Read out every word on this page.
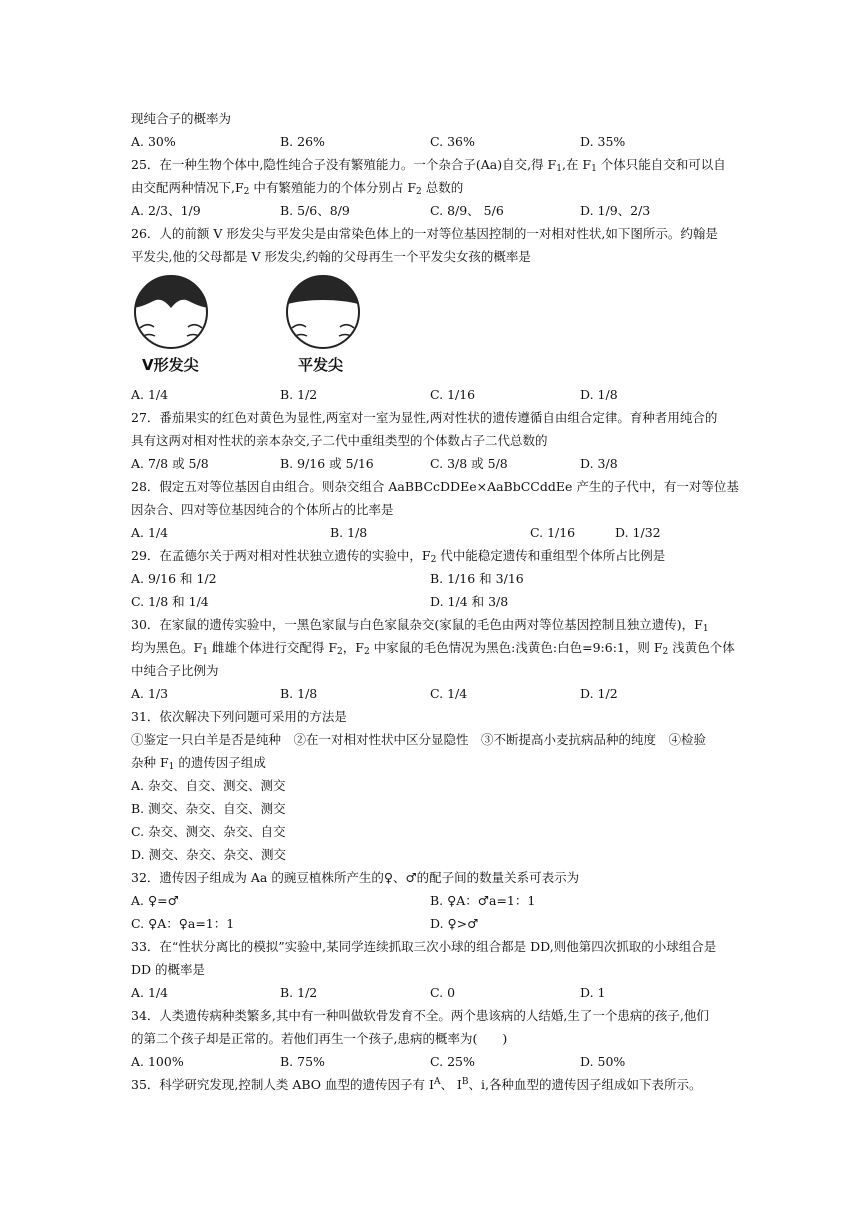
现纯合子的概率为
A. 30%	B. 26%	C. 36%	D. 35%
25．在一种生物个体中,隐性纯合子没有繁殖能力。一个杂合子(Aa)自交,得 $F_1$,在 $F_1$ 个体只能自交和可以自
由交配两种情况下$,F_2$ 中有繁殖能力的个体分别占 $F_2$ 总数的
A. 2/3、1/9	B. 5/6、8/9	C. 8/9、 5/6	D. 1/9、2/3
26．人的前额 V 形发尖与平发尖是由常染色体上的一对等位基因控制的一对相对性状,如下图所示。约翰是
平发尖,他的父母都是 V 形发尖,约翰的父母再生一个平发尖女孩的概率是
V形发尖	平发尖
A. 1/4	B. 1/2	C. 1/16	D. 1/8
27．番茄果实的红色对黄色为显性,两室对一室为显性,两对性状的遗传遵循自由组合定律。育种者用纯合的
具有这两对相对性状的亲本杂交,子二代中重组类型的个体数占子二代总数的
A. 7/8 或 5/8	B. 9/16 或 5/16	C. 3/8 或 5/8	D. 3/8
28．假定五对等位基因自由组合。则杂交组合 AaBBCcDDEe×AaBbCCddEe 产生的子代中，有一对等位基
因杂合、四对等位基因纯合的个体所占的比率是
A. 1/4	B. 1/8	C. 1/16	D. 1/32
29．在孟德尔关于两对相对性状独立遗传的实验中，$F_2$ 代中能稳定遗传和重组型个体所占比例是
A. 9/16 和 1/2	B. 1/16 和 3/16
C. 1/8 和 1/4	D. 1/4 和 3/8
30．在家鼠的遗传实验中，一黑色家鼠与白色家鼠杂交(家鼠的毛色由两对等位基因控制且独立遗传)，$F_1$
均为黑色。$F_1$ 雌雄个体进行交配得 $F_2$，$F_2$ 中家鼠的毛色情况为黑色:浅黄色:白色=9:6:1，则 $F_2$ 浅黄色个体
中纯合子比例为
A. 1/3	B. 1/8	C. 1/4	D. 1/2
31．依次解决下列问题可采用的方法是
①鉴定一只白羊是否是纯种　②在一对相对性状中区分显隐性　③不断提高小麦抗病品种的纯度　④检验
杂种 $F_1$ 的遗传因子组成
A. 杂交、自交、测交、测交
B. 测交、杂交、自交、测交
C. 杂交、测交、杂交、自交
D. 测交、杂交、杂交、测交
32．遗传因子组成为 Aa 的豌豆植株所产生的♀、♂的配子间的数量关系可表示为
A. ♀=♂	B. ♀A：♂a=1：1
C. ♀A：♀a=1：1	D. ♀>♂
33．在“性状分离比的模拟”实验中,某同学连续抓取三次小球的组合都是 DD,则他第四次抓取的小球组合是
DD 的概率是
A. 1/4	B. 1/2	C. 0	D. 1
34．人类遗传病种类繁多,其中有一种叫做软骨发育不全。两个患该病的人结婚,生了一个患病的孩子,他们
的第二个孩子却是正常的。若他们再生一个孩子,患病的概率为(　　)
A. 100%	B. 75%	C. 25%	D. 50%
35．科学研究发现,控制人类 ABO 血型的遗传因子有 $I^A$、 $I^B$、i,各种血型的遗传因子组成如下表所示。
